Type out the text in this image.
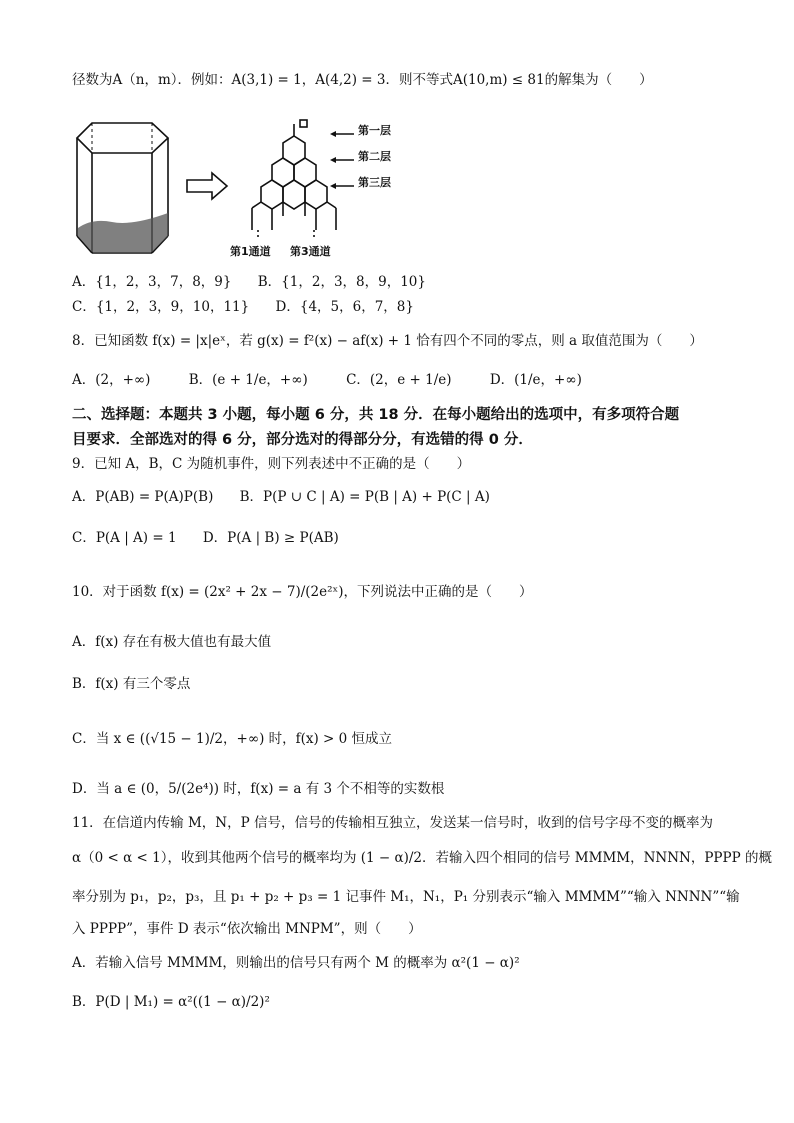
径数为A（n，m）．例如：A(3,1) = 1，A(4,2) = 3．则不等式A(10,m) ≤ 81的解集为（　　）
第一层
第二层
第三层
第1通道 第3通道
A．{1，2，3，7，8，9} B．{1，2，3，8，9，10}
C．{1，2，3，9，10，11} D．{4，5，6，7，8}
8．已知函数 f(x) = |x|eˣ，若 g(x) = f²(x) − af(x) + 1 恰有四个不同的零点，则 a 取值范围为（　　）
A．(2，+∞)	B．(e + 1/e，+∞)	C．(2，e + 1/e)	D．(1/e，+∞)
二、选择题：本题共 3 小题，每小题 6 分，共 18 分．在每小题给出的选项中，有多项符合题
目要求．全部选对的得 6 分，部分选对的得部分分，有选错的得 0 分．
9．已知 A，B，C 为随机事件，则下列表述中不正确的是（　　）
A．P(AB) = P(A)P(B) B．P(P ∪ C | A) = P(B | A) + P(C | A)
C．P(A | A) = 1 D．P(A | B) ≥ P(AB)
10．对于函数 f(x) = (2x² + 2x − 7)/(2e²ˣ)，下列说法中正确的是（　　）
A．f(x) 存在有极大值也有最大值
B．f(x) 有三个零点
C．当 x ∈ ((√15 − 1)/2，+∞) 时，f(x) > 0 恒成立
D．当 a ∈ (0，5/(2e⁴)) 时，f(x) = a 有 3 个不相等的实数根
11．在信道内传输 M，N，P 信号，信号的传输相互独立，发送某一信号时，收到的信号字母不变的概率为
α（0 < α < 1），收到其他两个信号的概率均为 (1 − α)/2．若输入四个相同的信号 MMMM，NNNN，PPPP 的概
率分别为 p₁，p₂，p₃，且 p₁ + p₂ + p₃ = 1 记事件 M₁，N₁，P₁ 分别表示“输入 MMMM”“输入 NNNN”“输
入 PPPP”，事件 D 表示“依次输出 MNPM”，则（　　）
A．若输入信号 MMMM，则输出的信号只有两个 M 的概率为 α²(1 − α)²
B．P(D | M₁) = α²((1 − α)/2)²
